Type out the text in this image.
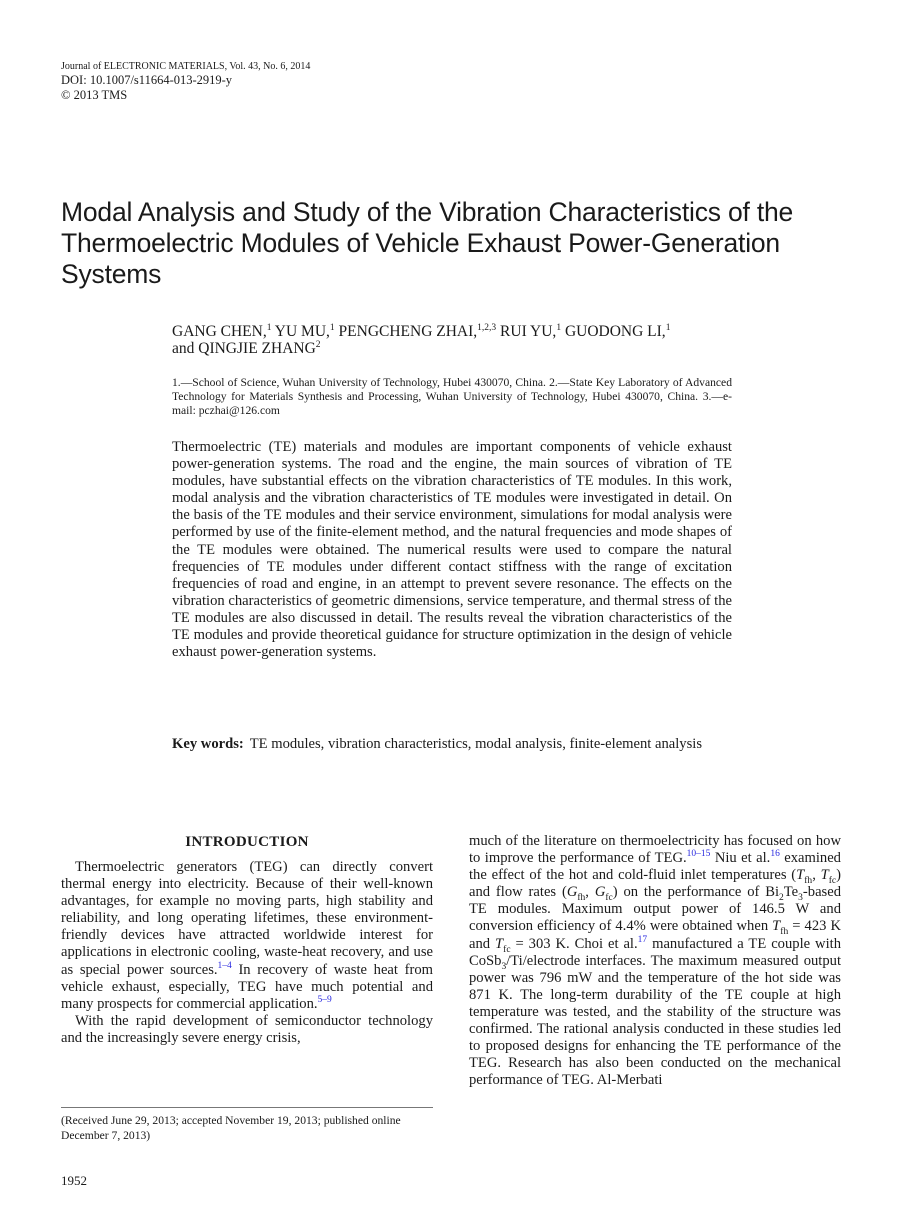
Journal of ELECTRONIC MATERIALS, Vol. 43, No. 6, 2014
DOI: 10.1007/s11664-013-2919-y
© 2013 TMS
Modal Analysis and Study of the Vibration Characteristics of the Thermoelectric Modules of Vehicle Exhaust Power-Generation Systems
GANG CHEN,$^1$ YU MU,$^1$ PENGCHENG ZHAI,$^{1,2,3}$ RUI YU,$^1$ GUODONG LI,$^1$
and QINGJIE ZHANG$^2$
1.—School of Science, Wuhan University of Technology, Hubei 430070, China. 2.—State Key Laboratory of Advanced Technology for Materials Synthesis and Processing, Wuhan University of Technology, Hubei 430070, China. 3.—e-mail: pczhai@126.com
Thermoelectric (TE) materials and modules are important components of vehicle exhaust power-generation systems. The road and the engine, the main sources of vibration of TE modules, have substantial effects on the vibration characteristics of TE modules. In this work, modal analysis and the vibration characteristics of TE modules were investigated in detail. On the basis of the TE modules and their service environment, simulations for modal analysis were performed by use of the finite-element method, and the natural frequencies and mode shapes of the TE modules were obtained. The numerical results were used to compare the natural frequencies of TE modules under different contact stiffness with the range of excitation frequencies of road and engine, in an attempt to prevent severe resonance. The effects on the vibration characteristics of geometric dimensions, service temperature, and thermal stress of the TE modules are also discussed in detail. The results reveal the vibration characteristics of the TE modules and provide theoretical guidance for structure optimization in the design of vehicle exhaust power-generation systems.
Key words: TE modules, vibration characteristics, modal analysis, finite-element analysis
INTRODUCTION

Thermoelectric generators (TEG) can directly convert thermal energy into electricity. Because of their well-known advantages, for example no moving parts, high stability and reliability, and long operating lifetimes, these environment-friendly devices have attracted worldwide interest for applications in electronic cooling, waste-heat recovery, and use as special power sources.$^{1-4}$ In recovery of waste heat from vehicle exhaust, especially, TEG have much potential and many prospects for commercial application.$^{5-9}$

With the rapid development of semiconductor technology and the increasingly severe energy crisis,

much of the literature on thermoelectricity has focused on how to improve the performance of TEG.$^{10-15}$ Niu et al.$^{16}$ examined the effect of the hot and cold-fluid inlet temperatures ($T_{fh}$, $T_{fc}$) and flow rates ($G_{fh}$, $G_{fc}$) on the performance of $Bi_2Te_3$-based TE modules. Maximum output power of 146.5 W and conversion efficiency of 4.4% were obtained when $T_{fh} = 423$ K and $T_{fc} = 303$ K. Choi et al.$^{17}$ manufactured a TE couple with CoSb$_3$/Ti/electrode interfaces. The maximum measured output power was 796 mW and the temperature of the hot side was 871 K. The long-term durability of the TE couple at high temperature was tested, and the stability of the structure was confirmed. The rational analysis conducted in these studies led to proposed designs for enhancing the TE performance of the TEG. Research has also been conducted on the mechanical performance of TEG. Al-Merbati

(Received June 29, 2013; accepted November 19, 2013; published online December 7, 2013)
1952
